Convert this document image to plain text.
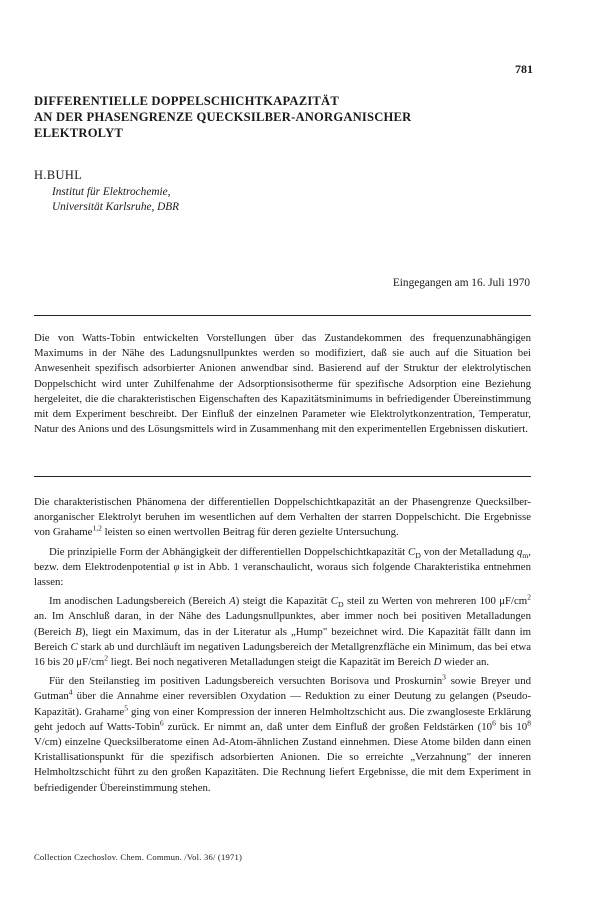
781
DIFFERENTIELLE DOPPELSCHICHTKAPAZITÄT
AN DER PHASENGRENZE QUECKSILBER-ANORGANISCHER
ELEKTROLYT
H.BUHL
Institut für Elektrochemie,
Universität Karlsruhe, DBR
Eingegangen am 16. Juli 1970
Die von Watts-Tobin entwickelten Vorstellungen über das Zustandekommen des frequenzunabhängigen Maximums in der Nähe des Ladungsnullpunktes werden so modifiziert, daß sie auch auf die Situation bei Anwesenheit spezifisch adsorbierter Anionen anwendbar sind. Basierend auf der Struktur der elektrolytischen Doppelschicht wird unter Zuhilfenahme der Adsorptionsisotherme für spezifische Adsorption eine Beziehung hergeleitet, die die charakteristischen Eigenschaften des Kapazitätsminimums in befriedigender Übereinstimmung mit dem Experiment beschreibt. Der Einfluß der einzelnen Parameter wie Elektrolytkonzentration, Temperatur, Natur des Anions und des Lösungsmittels wird in Zusammenhang mit den experimentellen Ergebnissen diskutiert.

Die charakteristischen Phänomena der differentiellen Doppelschichtkapazität an der Phasengrenze Quecksilber-anorganischer Elektrolyt beruhen im wesentlichen auf dem Verhalten der starren Doppelschicht. Die Ergebnisse von Grahame$^{1,2}$ leisten so einen wertvollen Beitrag für deren gezielte Untersuchung.

Die prinzipielle Form der Abhängigkeit der differentiellen Doppelschichtkapazität $C_D$ von der Metalladung $q_m$, bezw. dem Elektrodenpotential φ ist in Abb. 1 veranschaulicht, woraus sich folgende Charakteristika entnehmen lassen:

Im anodischen Ladungsbereich (Bereich A) steigt die Kapazität $C_D$ steil zu Werten von mehreren 100 $\mu F/cm^2$ an. Im Anschluß daran, in der Nähe des Ladungsnullpunktes, aber immer noch bei positiven Metalladungen (Bereich B), liegt ein Maximum, das in der Literatur als „Hump" bezeichnet wird. Die Kapazität fällt dann im Bereich C stark ab und durchläuft im negativen Ladungsbereich der Metallgrenzfläche ein Minimum, das bei etwa 16 bis 20 $\mu F/cm^2$ liegt. Bei noch negativeren Metalladungen steigt die Kapazität im Bereich D wieder an.

Für den Steilanstieg im positiven Ladungsbereich versuchten Borisova und Proskurnin$^3$ sowie Breyer und Gutman$^4$ über die Annahme einer reversiblen Oxydation — Reduktion zu einer Deutung zu gelangen (Pseudo-Kapazität). Grahame$^5$ ging von einer Kompression der inneren Helmholtzschicht aus. Die zwangloseste Erklärung geht jedoch auf Watts-Tobin$^6$ zurück. Er nimmt an, daß unter dem Einfluß der großen Feldstärken ($10^6$ bis $10^8$ V/cm) einzelne Quecksilberatome einen Ad-Atom-ähnlichen Zustand einnehmen. Diese Atome bilden dann einen Kristallisationspunkt für die spezifisch adsorbierten Anionen. Die so erreichte „Verzahnung" der inneren Helmholtzschicht führt zu den großen Kapazitäten. Die Rechnung liefert Ergebnisse, die mit dem Experiment in befriedigender Übereinstimmung stehen.

Collection Czechoslov. Chem. Commun. /Vol. 36/ (1971)
